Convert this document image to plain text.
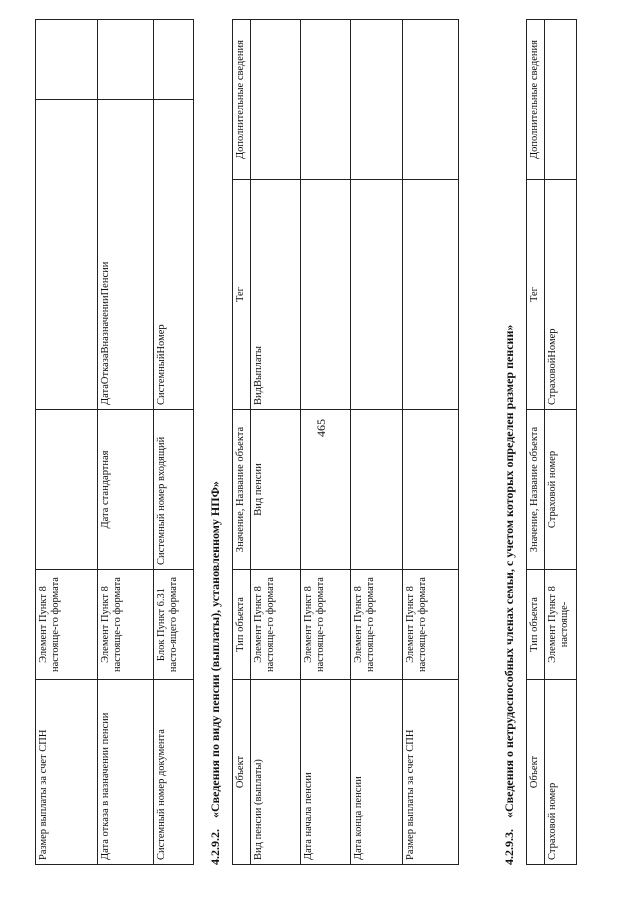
465
Размер выплаты за счет СПН	Элемент Пункт 8 настояще-го формата			
Дата отказа в назначении пенсии	Элемент Пункт 8 настояще-го формата	Дата стандартная	ДатаОтказаВназначенииПенсии	
Системный номер документа	Блок Пункт 6.31 насто-ящего формата	Системный номер входящий	СистемныйНомер	
4.2.9.2. «Сведения по виду пенсии (выплаты), установленному НПФ» Объект	Тип объекта	Значение, Название объекта	Тег	Дополнительные сведения
Вид пенсии (выплаты)	Элемент Пункт 8 настояще-го формата	Вид пенсии	ВидВыплаты	
Дата начала пенсии	Элемент Пункт 8 настояще-го формата			
Дата конца пенсии	Элемент Пункт 8 настояще-го формата			
Размер выплаты за счет СПН	Элемент Пункт 8 настояще-го формата			
4.2.9.3. «Сведения о нетрудоспособных членах семьи, с учетом которых определен размер пенсии» Объект	Тип объекта	Значение, Название объекта	Тег	Дополнительные сведения
Страховой номер	Элемент Пункт 8 настояще-	Страховой номер	СтраховойНомер	
